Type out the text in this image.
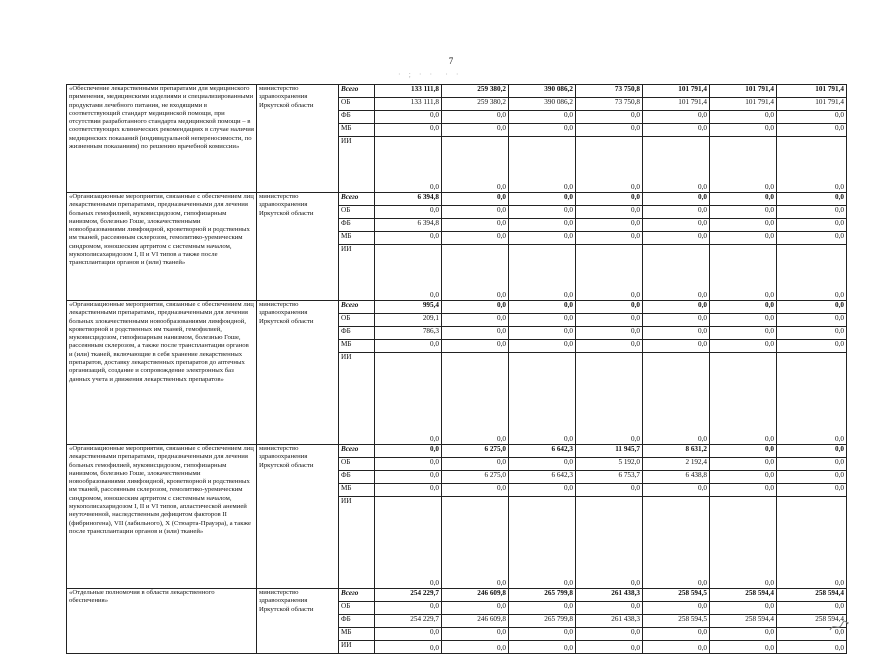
7
· ; · ·  · ·
«Обеспечение лекарственными препаратами для медицинского применения, медицинскими изделиями и специализированными продуктами лечебного питания, не входящими в соответствующий стандарт медицинской помощи, при отсутствии разработанного стандарта медицинской помощи – в соответствующих клинических рекомендациях в случае наличия медицинских показаний (индивидуальной непереносимости, по жизненным показаниям) по решению врачебной комиссии»	министерство здравоохранения Иркутской области	Всего	133 111,8	259 380,2	390 086,2	73 750,8	101 791,4	101 791,4	101 791,4
		ОБ	133 111,8	259 380,2	390 086,2	73 750,8	101 791,4	101 791,4	101 791,4
		ФБ	0,0	0,0	0,0	0,0	0,0	0,0	0,0
		МБ	0,0	0,0	0,0	0,0	0,0	0,0	0,0
		ИИ	0,0	0,0	0,0	0,0	0,0	0,0	0,0
«Организационные мероприятия, связанные с обеспечением лиц лекарственными препаратами, предназначенными для лечения больных гемофилией, муковисцидозом, гипофизарным нанизмом, болезнью Гоше, злокачественными новообразованиями лимфоидной, кроветворной и родственных им тканей, рассеянным склерозом, гемолитико-уремическим синдромом, юношеским артритом с системным началом, мукополисахаридозом I, II и VI типов а также после трансплантации органов и (или) тканей»	министерство здравоохранения Иркутской области	Всего	6 394,8	0,0	0,0	0,0	0,0	0,0	0,0
		ОБ	0,0	0,0	0,0	0,0	0,0	0,0	0,0
		ФБ	6 394,8	0,0	0,0	0,0	0,0	0,0	0,0
		МБ	0,0	0,0	0,0	0,0	0,0	0,0	0,0
		ИИ	0,0	0,0	0,0	0,0	0,0	0,0	0,0
«Организационные мероприятия, связанные с обеспечением лиц лекарственными препаратами, предназначенными для лечения больных злокачественными новообразованиями лимфоидной, кроветворной и родственных им тканей, гемофилией, муковисцидозом, гипофизарным нанизмом, болезнью Гоше, рассеянным склерозом, а также после трансплантации органов и (или) тканей, включающие в себя хранение лекарственных препаратов, доставку лекарственных препаратов до аптечных организаций, создание и сопровождение электронных баз данных учета и движения лекарственных препаратов»	министерство здравоохранения Иркутской области	Всего	995,4	0,0	0,0	0,0	0,0	0,0	0,0
		ОБ	209,1	0,0	0,0	0,0	0,0	0,0	0,0
		ФБ	786,3	0,0	0,0	0,0	0,0	0,0	0,0
		МБ	0,0	0,0	0,0	0,0	0,0	0,0	0,0
		ИИ	0,0	0,0	0,0	0,0	0,0	0,0	0,0
«Организационные мероприятия, связанные с обеспечением лиц лекарственными препаратами, предназначенными для лечения больных гемофилией, муковисцидозом, гипофизарным нанизмом, болезнью Гоше, злокачественными новообразованиями лимфоидной, кроветворной и родственных им тканей, рассеянным склерозом, гемолитико-уремическим синдромом, юношеским артритом с системным началом, мукополисахаридозом I, II и VI типов, апластической анемией неуточненной, наследственным дефицитом факторов II (фибриногена), VII (лабильного), X (Стюарта-Прауэра), а также после трансплантации органов и (или) тканей»	министерство здравоохранения Иркутской области	Всего	0,0	6 275,0	6 642,3	11 945,7	8 631,2	0,0	0,0
		ОБ	0,0	0,0	0,0	5 192,0	2 192,4	0,0	0,0
		ФБ	0,0	6 275,0	6 642,3	6 753,7	6 438,8	0,0	0,0
		МБ	0,0	0,0	0,0	0,0	0,0	0,0	0,0
		ИИ	0,0	0,0	0,0	0,0	0,0	0,0	0,0
«Отдельные полномочия в области лекарственного обеспечения»	министерство здравоохранения Иркутской области	Всего	254 229,7	246 609,8	265 799,8	261 438,3	258 594,5	258 594,4	258 594,4
		ОБ	0,0	0,0	0,0	0,0	0,0	0,0	0,0
		ФБ	254 229,7	246 609,8	265 799,8	261 438,3	258 594,5	258 594,4	258 594,4
		МБ	0,0	0,0	0,0	0,0	0,0	0,0	0,0
		ИИ	0,0	0,0	0,0	0,0	0,0	0,0	0,0
